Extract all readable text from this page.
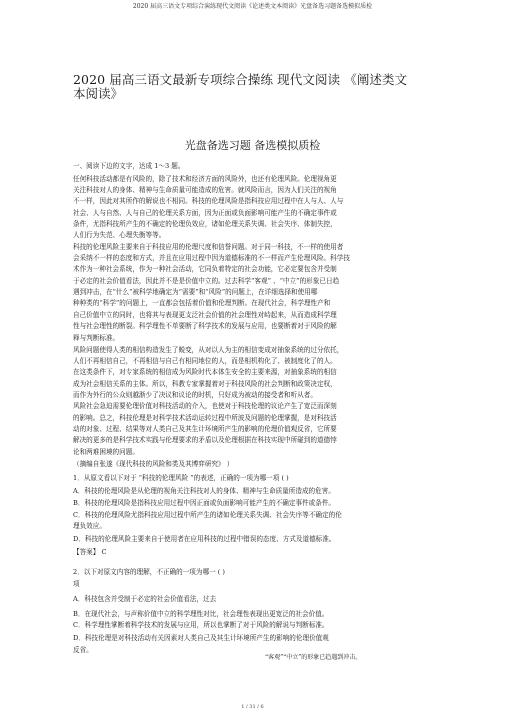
2020 届高三语文专项综合演练现代文阅读《论述类文本阅读》光盘备选习题备选模拟质检
2020 届高三语文最新专项综合操练 现代文阅读 《阐述类文
本阅读》
光盘备选习题 备选模拟质检
一、阅读下边的文字，达成 1～3 题。
任何科技活动都是有风险的，除了技术和经济方面的风险外，也还有伦理风险。伦理视角更
关注科技对人的身体、精神与生命质量可能造成的危害。就风险而言，因为人们关注的视角
不一样，因此对其所作的解说也不相同。科技的伦理风险是指科技应用过程中在人与人、人与
社会、人与自然、人与自己的伦理关系方面，因为正面或负面影响可能产生的不确定事件或
条件，尤指科技所产生的不确定的伦理负效应，诸如伦理关系失调、社会失序、体制失控，
人们行为失范、心理失衡等等。
科技的伦理风险主要来自于科技应用的伦理尺度和信誉问题。对于同一科技，不一样的使用者
会采纳不一样的态度和方式，并且在应用过程中因为道德标准的不一样而产生伦理风险。科学技
术作为一种社会系统，作为一种社会活动，它同负着特定的社会功能，它必定要包含并受制
于必定的社会价值看法，因此并不是是价值中立的。过去科学“客观” 、“中立”的形象已日趋
遇到冲击，在“什么”被科学地确定为“需要”和“风险”的问题上，在详细选择和使用哪
种种类的“科学”的问题上，一直都会包括着价值和伦理判断。在现代社会，科学理性产和
自己价值中立的同时，也将其与表现更支泛社会价值的社会理性对峙起来，从而造成科学理
性与社会理性的断裂。科学理性不单要断了科学技术的发展与应用，也要断着对于风险的解
释与判断标准。
风险问题使得人类的相信构造发生了蜕变，从对以人为主的相信变成对抽象系统的过分依托，
人们不再相信自己，不再相信与自己有相同地位的人，而是相机构化了、被制度化了的人。
在这类条件下，对专家系统的相信成为风险时代本体生安全的主要来源，对抽象系统的相信
成为社会相信关系的主体。所以，科教专家掌握着对于科技风险的社会判断和政策决定权，
而作为外行的公众则越渐少了决议和议论的时机，只好成为被动的接受者和听从者。
风险社会急迫需要伦理价值对科技活动的介入，也使对于科技伦理的议论产生了宽泛而深刻
的影响。总之，科技伦理是对科学技术活动运转过程中所波及问题的伦理掌握，是对科技活
动的对象、过程、结果等对人类自己及其生计环境所产生的影响的伦理价值观反省，它所要
解决的更多的是科学技术实践与伦理要求的矛盾以及伦理根据在科技实现中所碰到的道德悖
论和两难困境的问题。
（摘编自张遂《现代科技的风险和类及其博弈研究》 ）
1．从原文看以下对于 “科技的伦理风险 ”的表述，正确的一项为哪一项 ( )
A．科技的伦理风险是从伦理的视角关注科技对人的身体、精神与生命质量所造成的危害。
B．科技的伦理风险是指科技应用过程中因正面或负面影响可能产生的不确定事件或条件。
C．科技的伦理风险尤指科技应用过程中所产生的诸如伦理关系失调、社会失序等不确定的伦
理负效应。
D．科技的伦理风险主要来自于使用者在应用科技的过程中错误的态度、方式及道德标准。
【答案】 C
2．以下对原文内容的理解，不正确的一项为哪一 ( )
项
A．科技包含并受制于必定的社会价值看法，过去
B．在现代社会，与声称价值中立的科学理性对比，社会理性表现出更宽泛的社会价值。
C．科学理性掌断着科学技术的发展与应用，所以也掌断了对于风险的解说与判断标准。
D．科技伦理是对科技活动有关因素对人类自己及其生计环境所产生的影响的伦理价值观
反省。
“客观”“中立”的形象已趋遇到冲击。
1 / 31 / 6
